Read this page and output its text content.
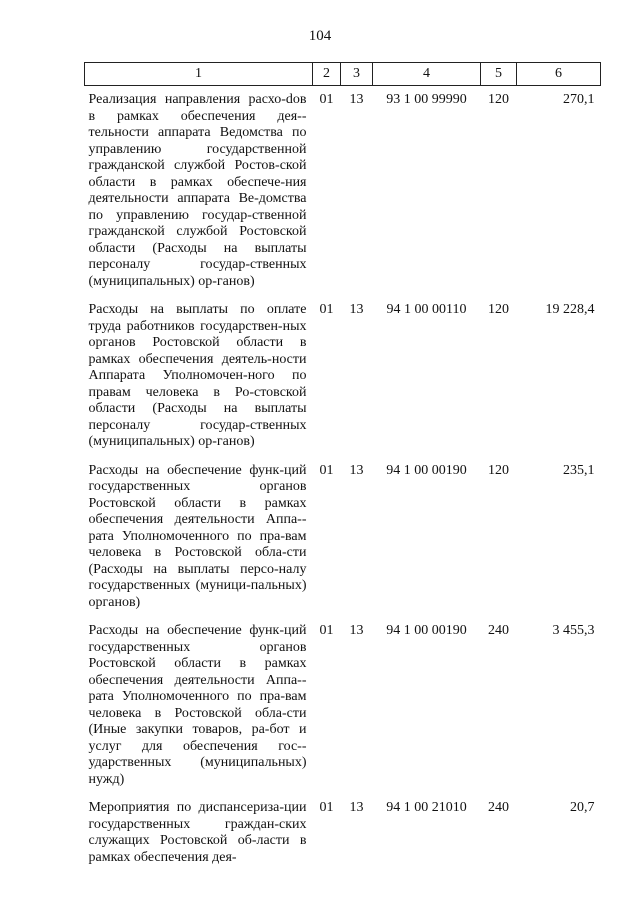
104
1	2	3	4	5	6
Реализация направления расхо-dов в рамках обеспечения дея-тельности аппарата Ведомства по управлению государственной гражданской службой Ростов-ской области в рамках обеспече-ния деятельности аппарата Ве-домства по управлению государ-ственной гражданской службой Ростовской области (Расходы на выплаты персоналу государ-ственных (муниципальных) ор-ганов)	01	13	93 1 00 99990	120	270,1
Расходы на выплаты по оплате труда работников государствен-ных органов Ростовской области в рамках обеспечения деятель-ности Аппарата Уполномочен-ного по правам человека в Ро-стовской области (Расходы на выплаты персоналу государ-ственных (муниципальных) ор-ганов)	01	13	94 1 00 00110	120	19 228,4
Расходы на обеспечение функ-ций государственных органов Ростовской области в рамках обеспечения деятельности Аппа-рата Уполномоченного по пра-вам человека в Ростовской обла-сти (Расходы на выплаты персо-налу государственных (муници-пальных) органов)	01	13	94 1 00 00190	120	235,1
Расходы на обеспечение функ-ций государственных органов Ростовской области в рамках обеспечения деятельности Аппа-рата Уполномоченного по пра-вам человека в Ростовской обла-сти (Иные закупки товаров, ра-бот и услуг для обеспечения гос-ударственных (муниципальных) нужд)	01	13	94 1 00 00190	240	3 455,3
Мероприятия по диспансеризa-ции государственных граждан-ских служащих Ростовской об-ласти в рамках обеспечения дея-	01	13	94 1 00 21010	240	20,7
